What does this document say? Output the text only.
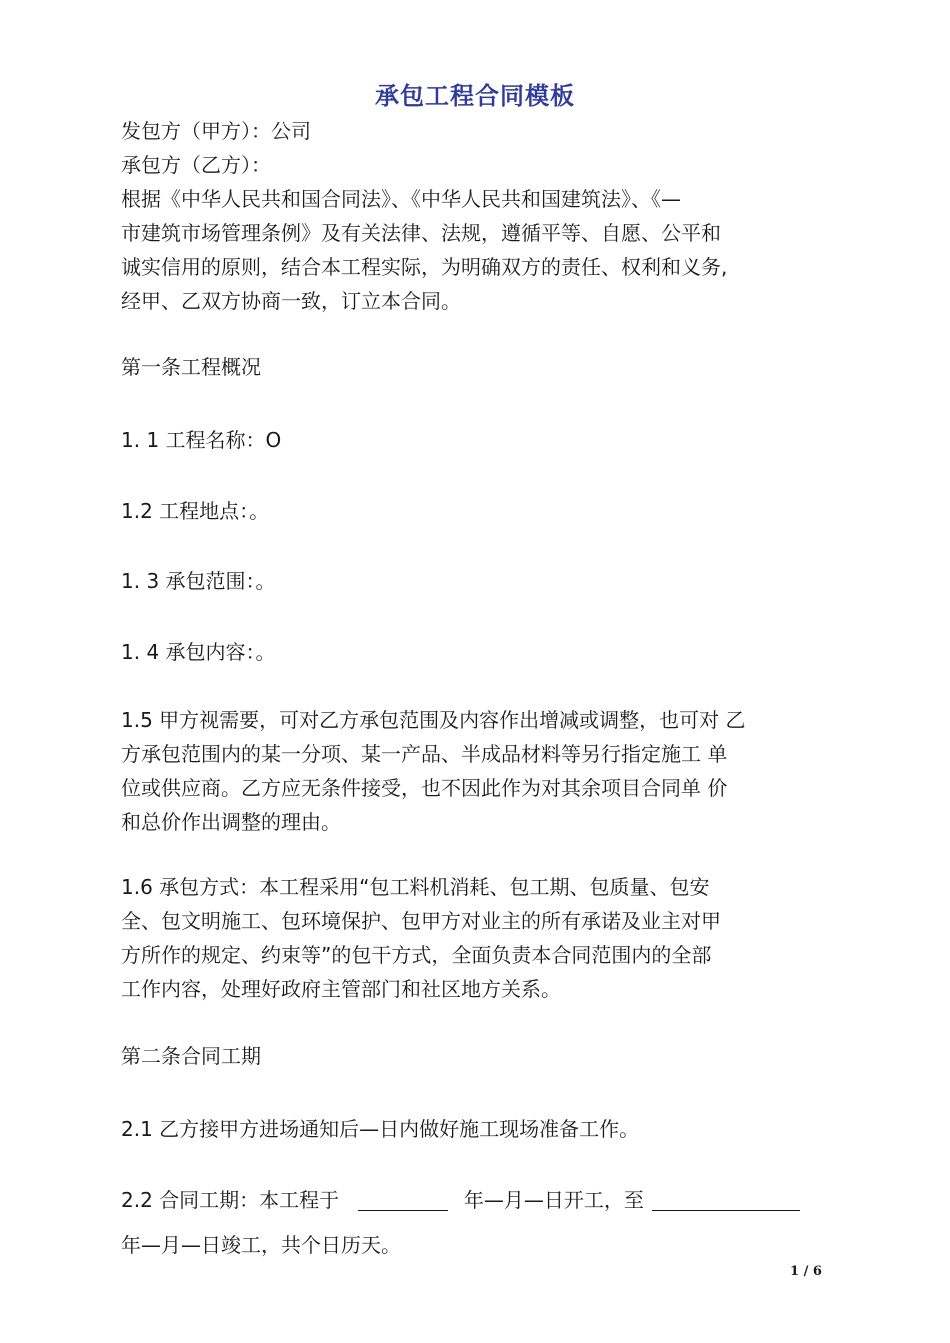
承包工程合同模板
发包方（甲方）：公司
承包方（乙方）：
根据《中华人民共和国合同法》、《中华人民共和国建筑法》、《—
市建筑市场管理条例》及有关法律、法规，遵循平等、自愿、公平和
诚实信用的原则，结合本工程实际，为明确双方的责任、权利和义务,
经甲、乙双方协商一致，订立本合同。
第一条工程概况
1. 1 工程名称：O
1.2 工程地点：。
1. 3 承包范围：。
1. 4 承包内容：。
1.5 甲方视需要，可对乙方承包范围及内容作出增减或调整，也可对 乙
方承包范围内的某一分项、某一产品、半成品材料等另行指定施工 单
位或供应商。乙方应无条件接受，也不因此作为对其余项目合同单 价
和总价作出调整的理由。
1.6 承包方式：本工程采用“包工料机消耗、包工期、包质量、包安
全、包文明施工、包环境保护、包甲方对业主的所有承诺及业主对甲
方所作的规定、约束等”的包干方式，全面负责本合同范围内的全部
工作内容，处理好政府主管部门和社区地方关系。
第二条合同工期
2.1 乙方接甲方进场通知后—日内做好施工现场准备工作。
2.2 合同工期：本工程于	年—月—日开工，至
年—月—日竣工，共个日历天。
1 / 6
